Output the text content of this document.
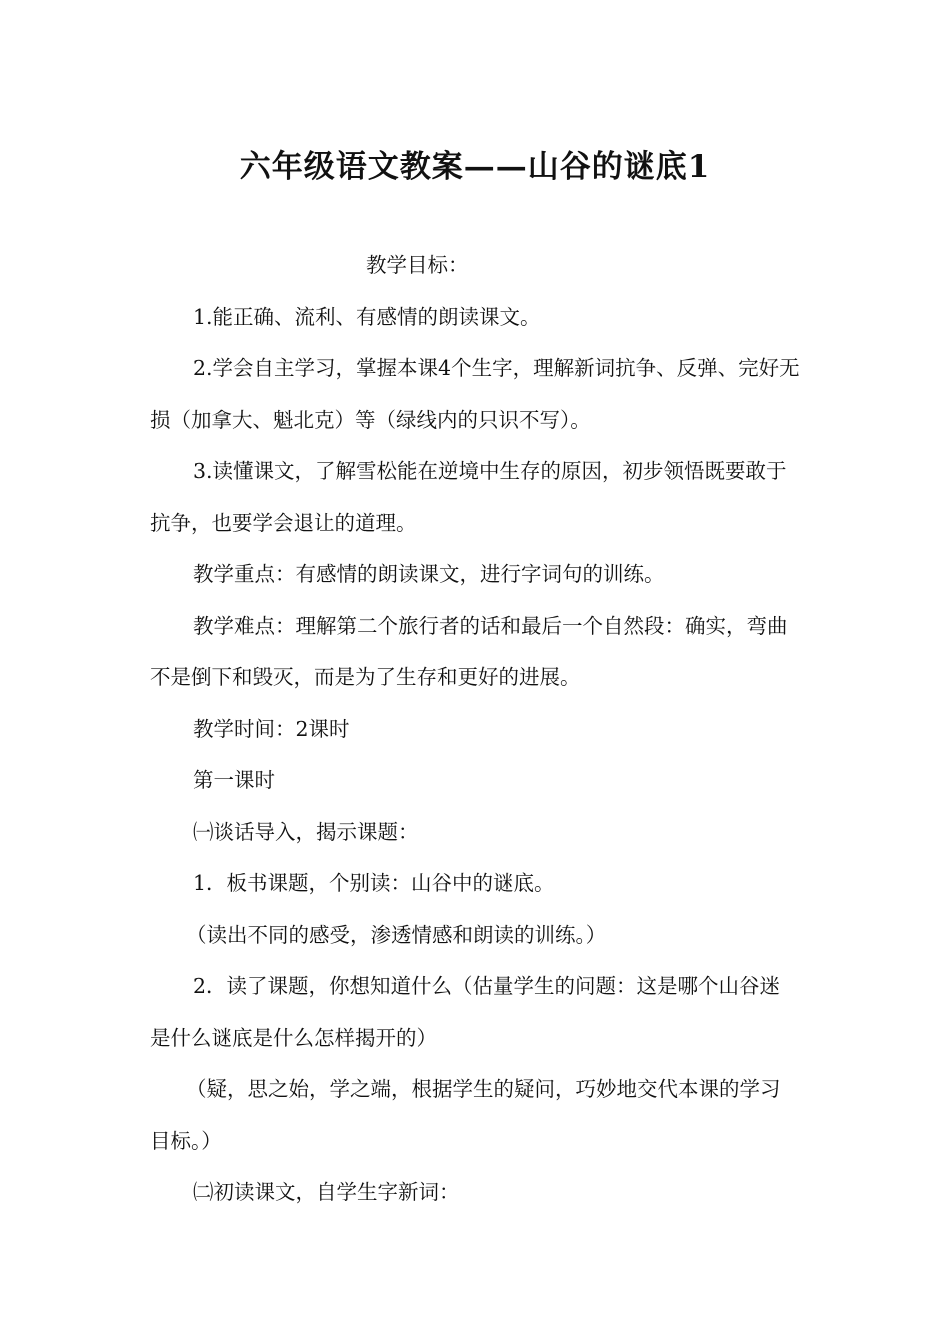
六年级语文教案——山谷的谜底1

教学目标：

1.能正确、流利、有感情的朗读课文。

2.学会自主学习，掌握本课4个生字，理解新词抗争、反弹、完好无损（加拿大、魁北克）等（绿线内的只识不写）。

3.读懂课文，了解雪松能在逆境中生存的原因，初步领悟既要敢于抗争，也要学会退让的道理。

教学重点：有感情的朗读课文，进行字词句的训练。

教学难点：理解第二个旅行者的话和最后一个自然段：确实，弯曲不是倒下和毁灭，而是为了生存和更好的进展。

教学时间：2课时

第一课时

㈠谈话导入，揭示课题：

1．板书课题，个别读：山谷中的谜底。

（读出不同的感受，渗透情感和朗读的训练。）

2．读了课题，你想知道什么（估量学生的问题：这是哪个山谷迷是什么谜底是什么怎样揭开的）

（疑，思之始，学之端，根据学生的疑问，巧妙地交代本课的学习目标。）

㈡初读课文，自学生字新词：
